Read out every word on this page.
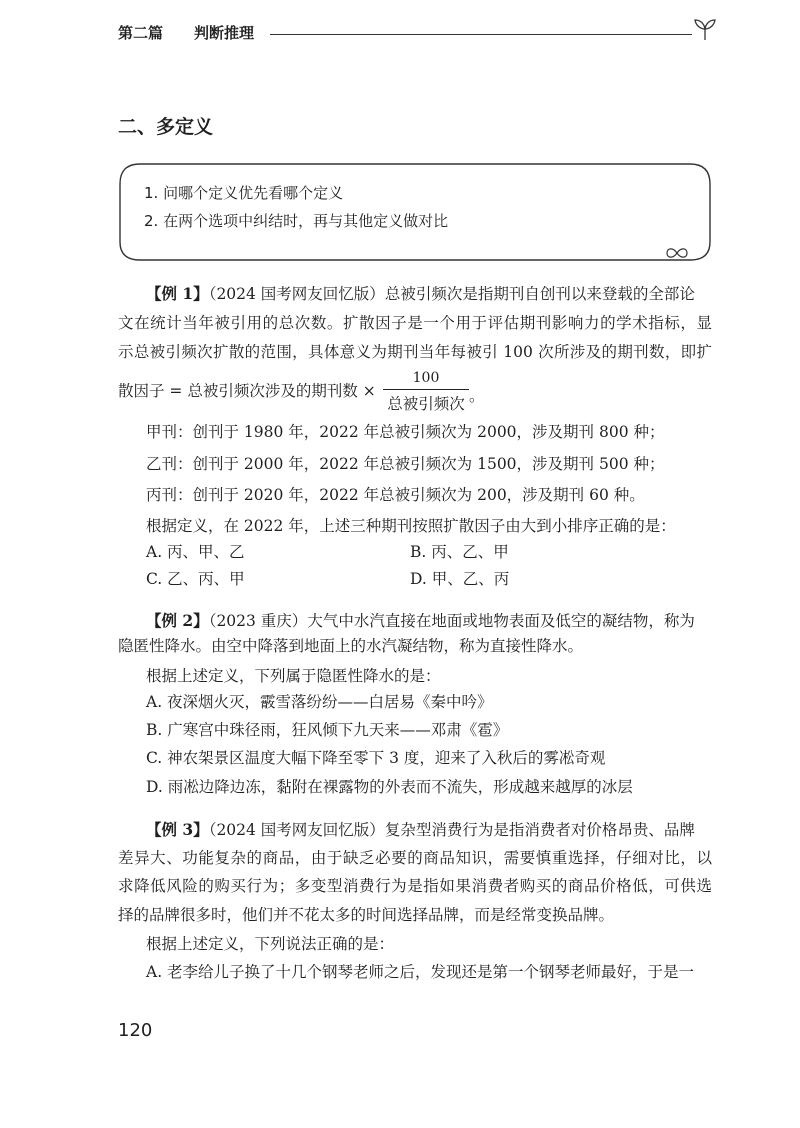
第二篇 判断推理
二、多定义
1. 问哪个定义优先看哪个定义
2. 在两个选项中纠结时，再与其他定义做对比
【例 1】（2024 国考网友回忆版）总被引频次是指期刊自创刊以来登载的全部论
文在统计当年被引用的总次数。扩散因子是一个用于评估期刊影响力的学术指标，显
示总被引频次扩散的范围，具体意义为期刊当年每被引 100 次所涉及的期刊数，即扩
散因子 = 总被引频次涉及的期刊数 ×
100
总被引频次 。
甲刊：创刊于 1980 年，2022 年总被引频次为 2000，涉及期刊 800 种；
乙刊：创刊于 2000 年，2022 年总被引频次为 1500，涉及期刊 500 种；
丙刊：创刊于 2020 年，2022 年总被引频次为 200，涉及期刊 60 种。
根据定义，在 2022 年，上述三种期刊按照扩散因子由大到小排序正确的是：
A. 丙、甲、乙	B. 丙、乙、甲
C. 乙、丙、甲	D. 甲、乙、丙
【例 2】（2023 重庆）大气中水汽直接在地面或地物表面及低空的凝结物，称为
隐匿性降水。由空中降落到地面上的水汽凝结物，称为直接性降水。
根据上述定义，下列属于隐匿性降水的是：
A. 夜深烟火灭，霰雪落纷纷——白居易《秦中吟》
B. 广寒宫中珠径雨，狂风倾下九天来——邓肃《雹》
C. 神农架景区温度大幅下降至零下 3 度，迎来了入秋后的雾凇奇观
D. 雨凇边降边冻，黏附在裸露物的外表而不流失，形成越来越厚的冰层
【例 3】（2024 国考网友回忆版）复杂型消费行为是指消费者对价格昂贵、品牌
差异大、功能复杂的商品，由于缺乏必要的商品知识，需要慎重选择，仔细对比，以
求降低风险的购买行为；多变型消费行为是指如果消费者购买的商品价格低，可供选
择的品牌很多时，他们并不花太多的时间选择品牌，而是经常变换品牌。
根据上述定义，下列说法正确的是：
A. 老李给儿子换了十几个钢琴老师之后，发现还是第一个钢琴老师最好，于是一
120
